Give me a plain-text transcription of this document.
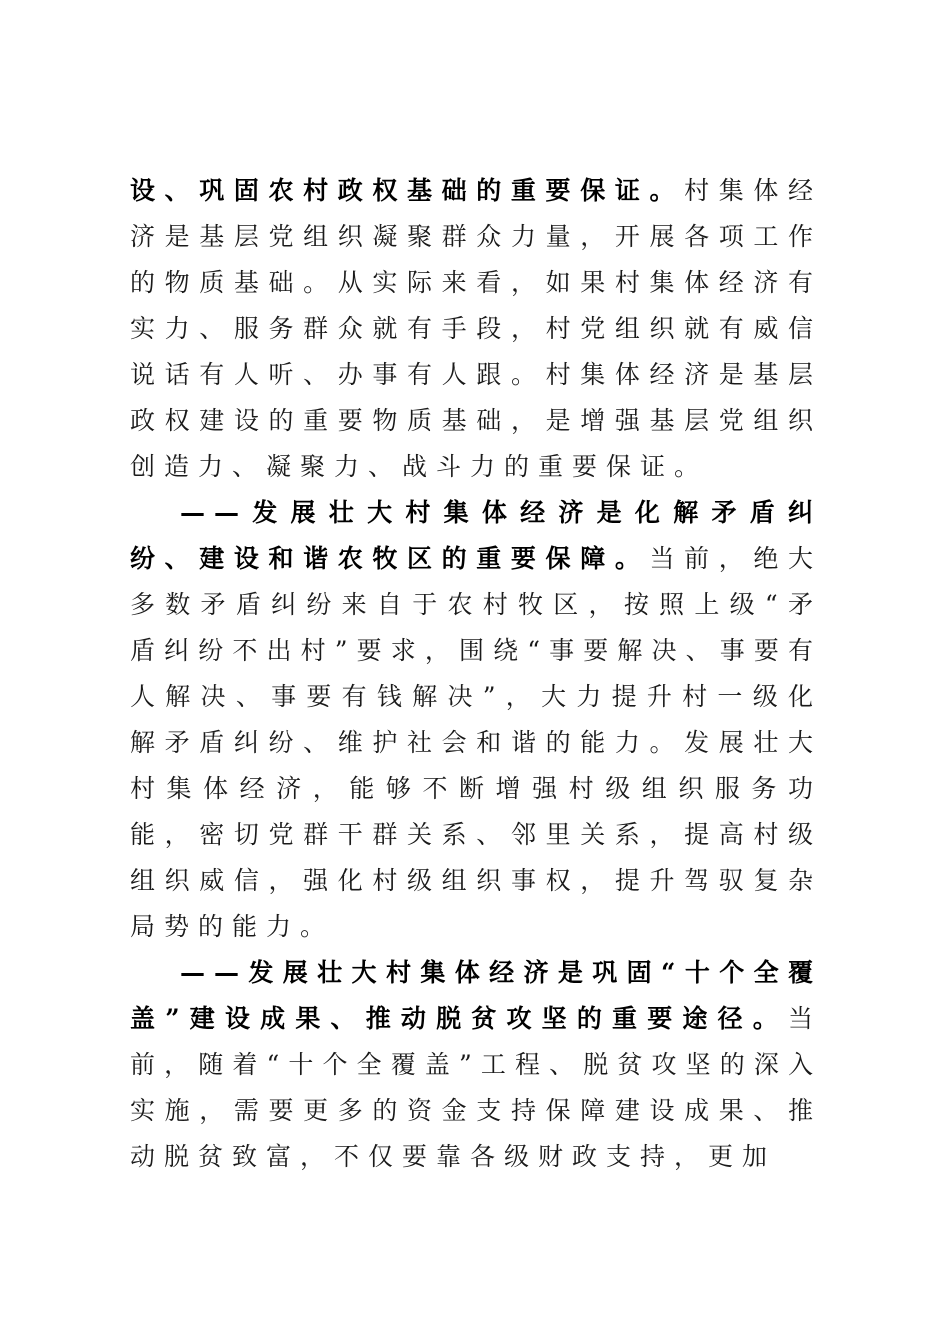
设、巩固农村政权基础的重要保证。村集体经济是基层党组织凝聚群众力量，开展各项工作的物质基础。从实际来看，如果村集体经济有实力、服务群众就有手段，村党组织就有威信说话有人听、办事有人跟。村集体经济是基层政权建设的重要物质基础，是增强基层党组织创造力、凝聚力、战斗力的重要保证。

——发展壮大村集体经济是化解矛盾纠纷、建设和谐农牧区的重要保障。当前，绝大多数矛盾纠纷来自于农村牧区，按照上级“矛盾纠纷不出村”要求，围绕“事要解决、事要有人解决、事要有钱解决”，大力提升村一级化解矛盾纠纷、维护社会和谐的能力。发展壮大村集体经济，能够不断增强村级组织服务功能，密切党群干群关系、邻里关系，提高村级组织威信，强化村级组织事权，提升驾驭复杂局势的能力。

——发展壮大村集体经济是巩固“十个全覆盖”建设成果、推动脱贫攻坚的重要途径。当前，随着“十个全覆盖”工程、脱贫攻坚的深入实施，需要更多的资金支持保障建设成果、推动脱贫致富，不仅要靠各级财政支持，更加
